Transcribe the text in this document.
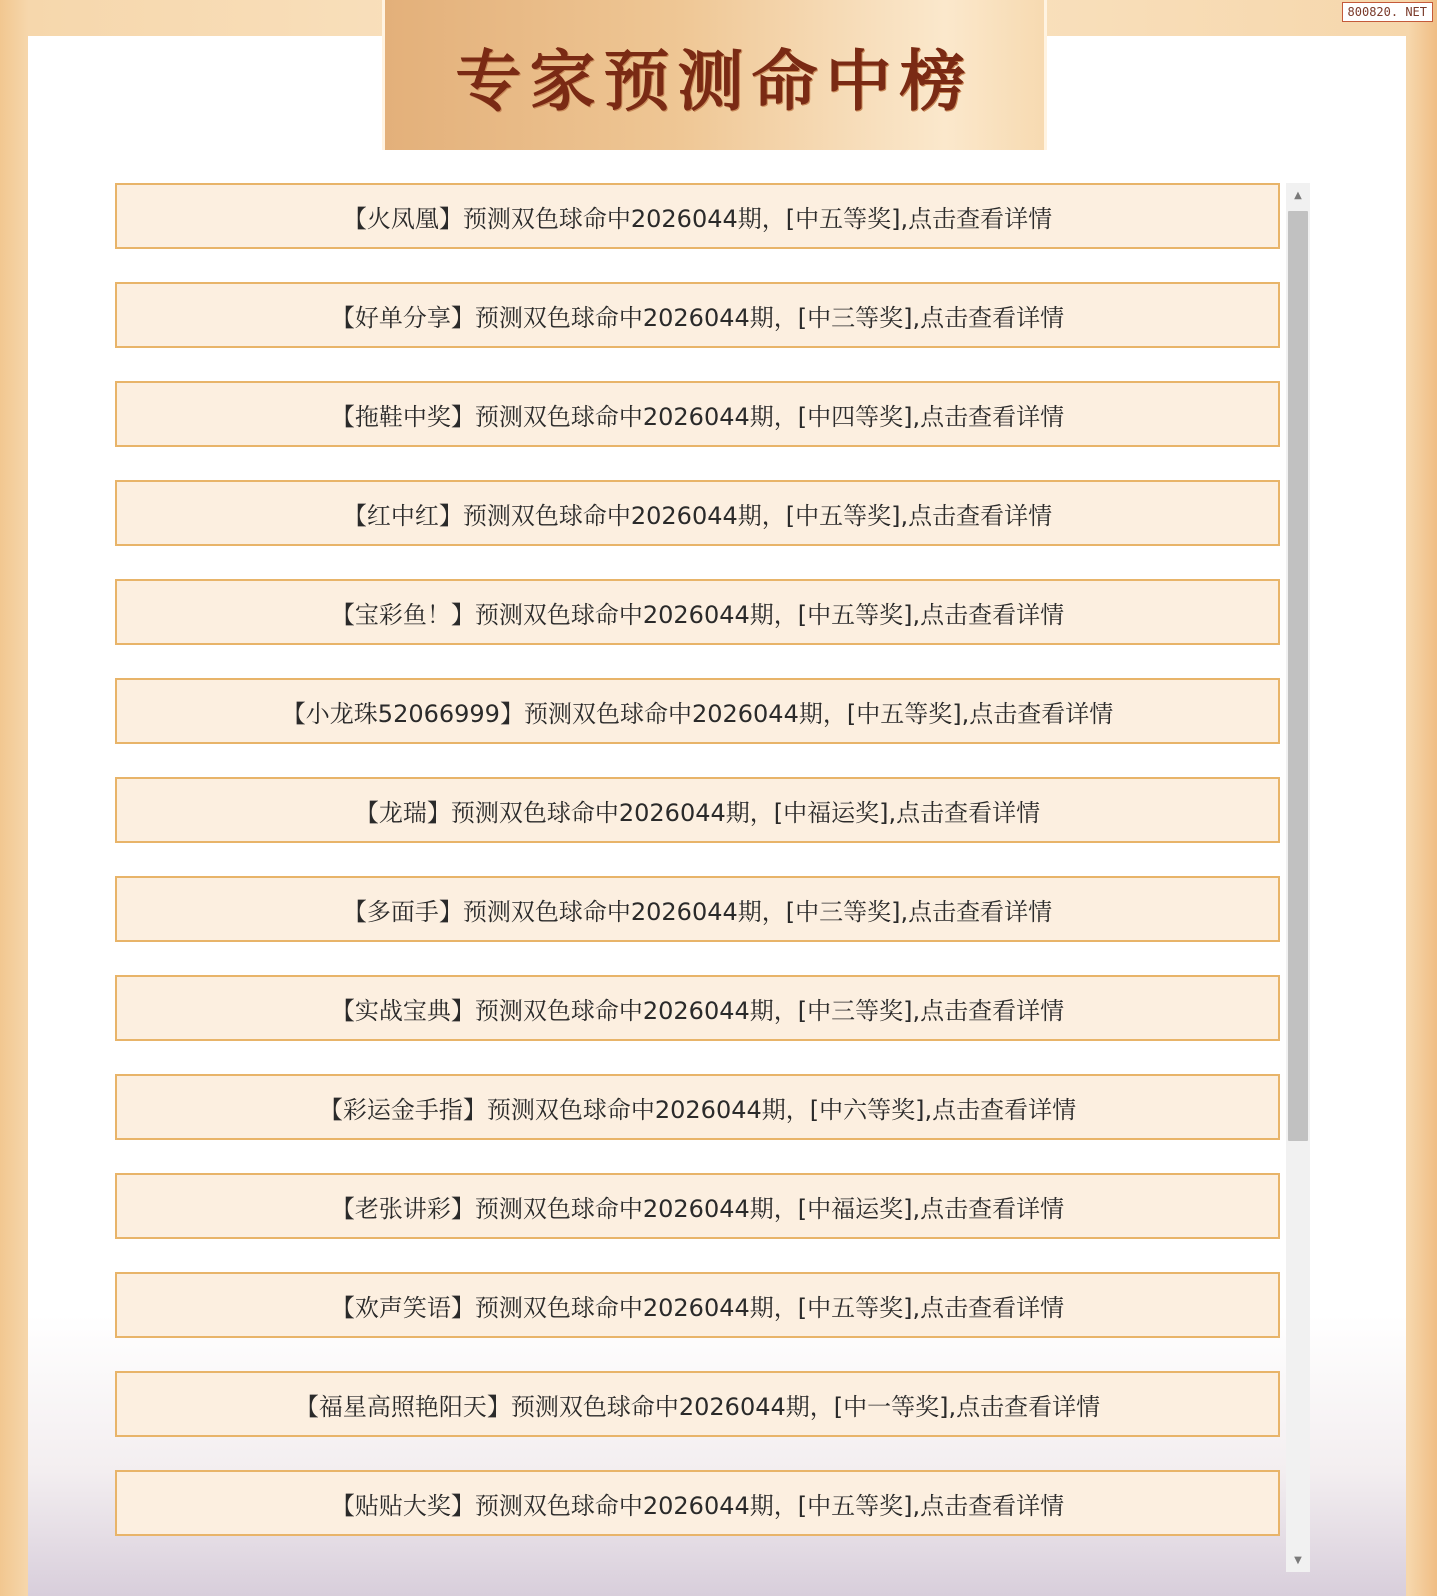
专家预测命中榜
800820. NET
【火凤凰】预测双色球命中2026044期，[中五等奖],点击查看详情
【好单分享】预测双色球命中2026044期，[中三等奖],点击查看详情
【拖鞋中奖】预测双色球命中2026044期，[中四等奖],点击查看详情
【红中红】预测双色球命中2026044期，[中五等奖],点击查看详情
【宝彩鱼！】预测双色球命中2026044期，[中五等奖],点击查看详情
【小龙珠52066999】预测双色球命中2026044期，[中五等奖],点击查看详情
【龙瑞】预测双色球命中2026044期，[中福运奖],点击查看详情
【多面手】预测双色球命中2026044期，[中三等奖],点击查看详情
【实战宝典】预测双色球命中2026044期，[中三等奖],点击查看详情
【彩运金手指】预测双色球命中2026044期，[中六等奖],点击查看详情
【老张讲彩】预测双色球命中2026044期，[中福运奖],点击查看详情
【欢声笑语】预测双色球命中2026044期，[中五等奖],点击查看详情
【福星高照艳阳天】预测双色球命中2026044期，[中一等奖],点击查看详情
【贴贴大奖】预测双色球命中2026044期，[中五等奖],点击查看详情
▲
▼
